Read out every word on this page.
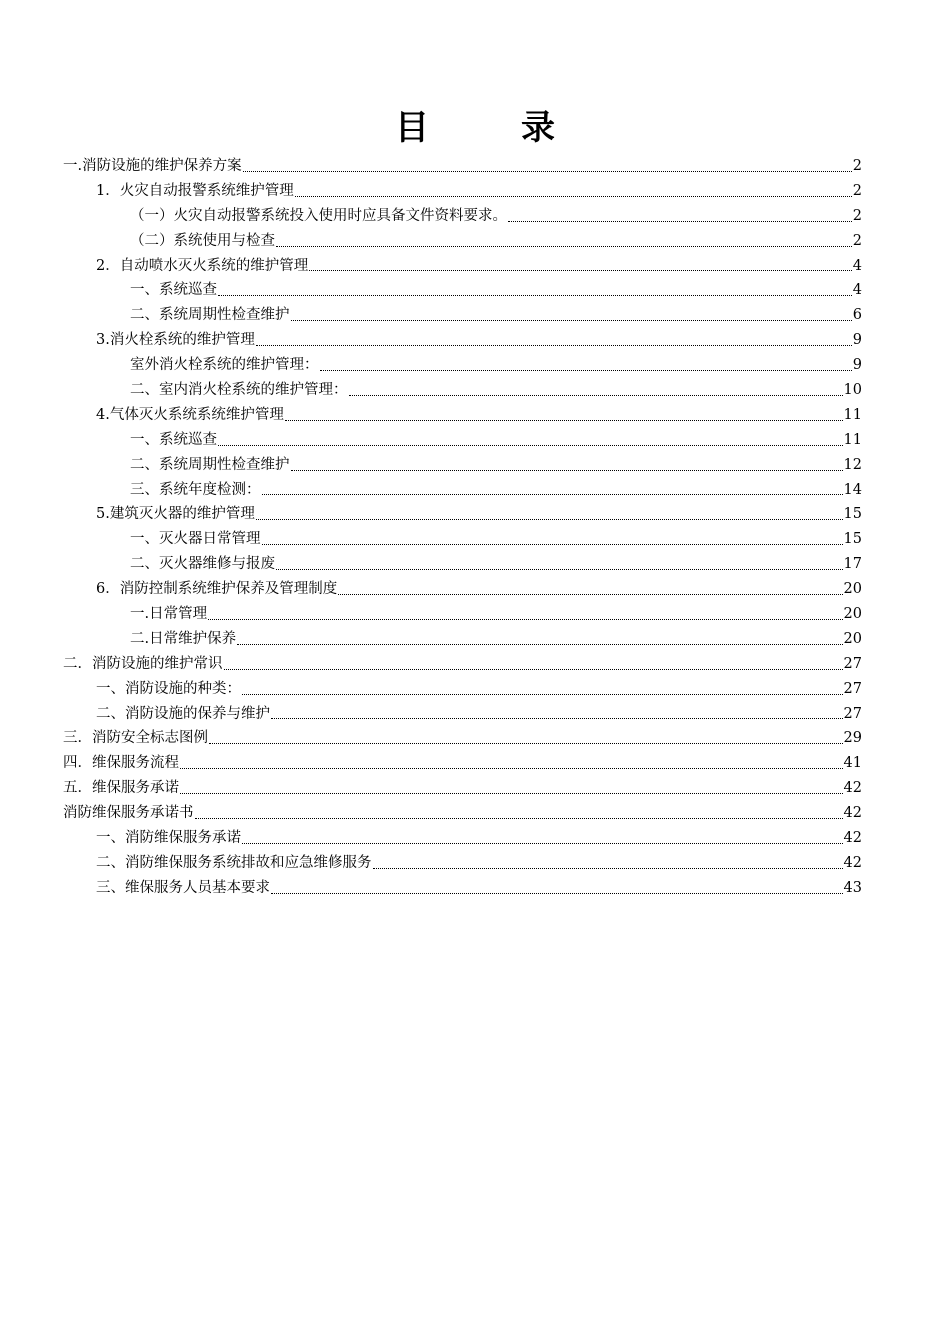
目	录
一.消防设施的维护保养方案	2
1．火灾自动报警系统维护管理	2
（一）火灾自动报警系统投入使用时应具备文件资料要求。	2
（二）系统使用与检查	2
2．自动喷水灭火系统的维护管理	4
一、系统巡查	4
二、系统周期性检查维护	6
3.消火栓系统的维护管理	9
室外消火栓系统的维护管理：	9
二、室内消火栓系统的维护管理：	10
4.气体灭火系统系统维护管理	11
一、系统巡查	11
二、系统周期性检查维护	12
三、系统年度检测：	14
5.建筑灭火器的维护管理	15
一、灭火器日常管理	15
二、灭火器维修与报废	17
6．消防控制系统维护保养及管理制度	20
一.日常管理	20
二.日常维护保养	20
二．消防设施的维护常识	27
一、消防设施的种类：	27
二、消防设施的保养与维护	27
三．消防安全标志图例	29
四．维保服务流程	41
五．维保服务承诺	42
消防维保服务承诺书	42
一、消防维保服务承诺	42
二、消防维保服务系统排故和应急维修服务	42
三、维保服务人员基本要求	43
